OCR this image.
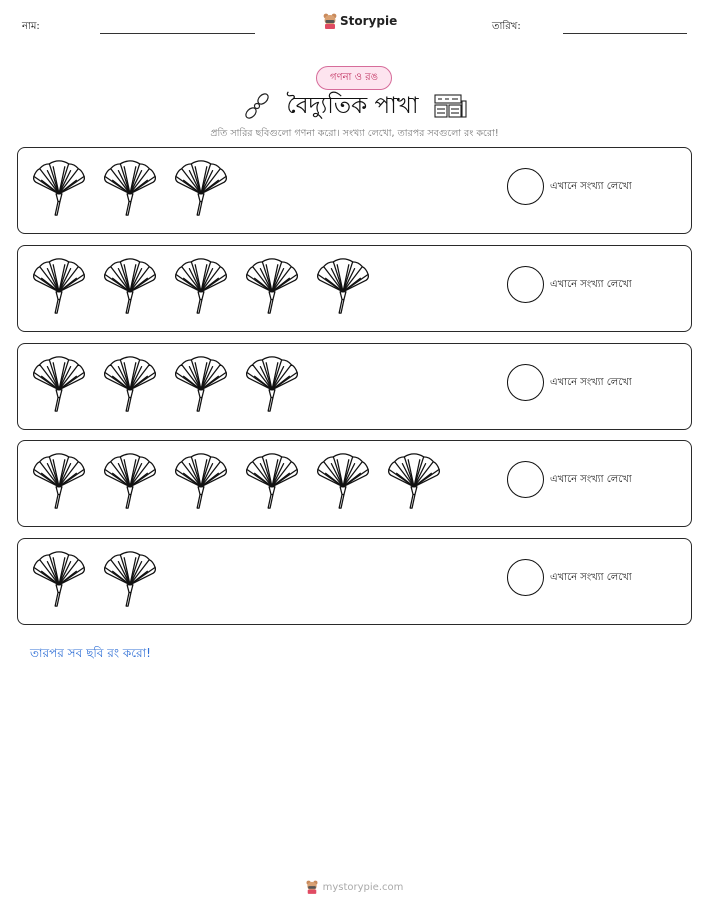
নাম:	Storypie	তারিখ:
গণনা ও রঙ
বৈদ্যুতিক পাখা
প্রতি সারির ছবিগুলো গণনা করো। সংখ্যা লেখো, তারপর সবগুলো রং করো!
এখানে সংখ্যা লেখো
এখানে সংখ্যা লেখো
এখানে সংখ্যা লেখো
এখানে সংখ্যা লেখো
এখানে সংখ্যা লেখো
তারপর সব ছবি রং করো!
mystorypie.com
